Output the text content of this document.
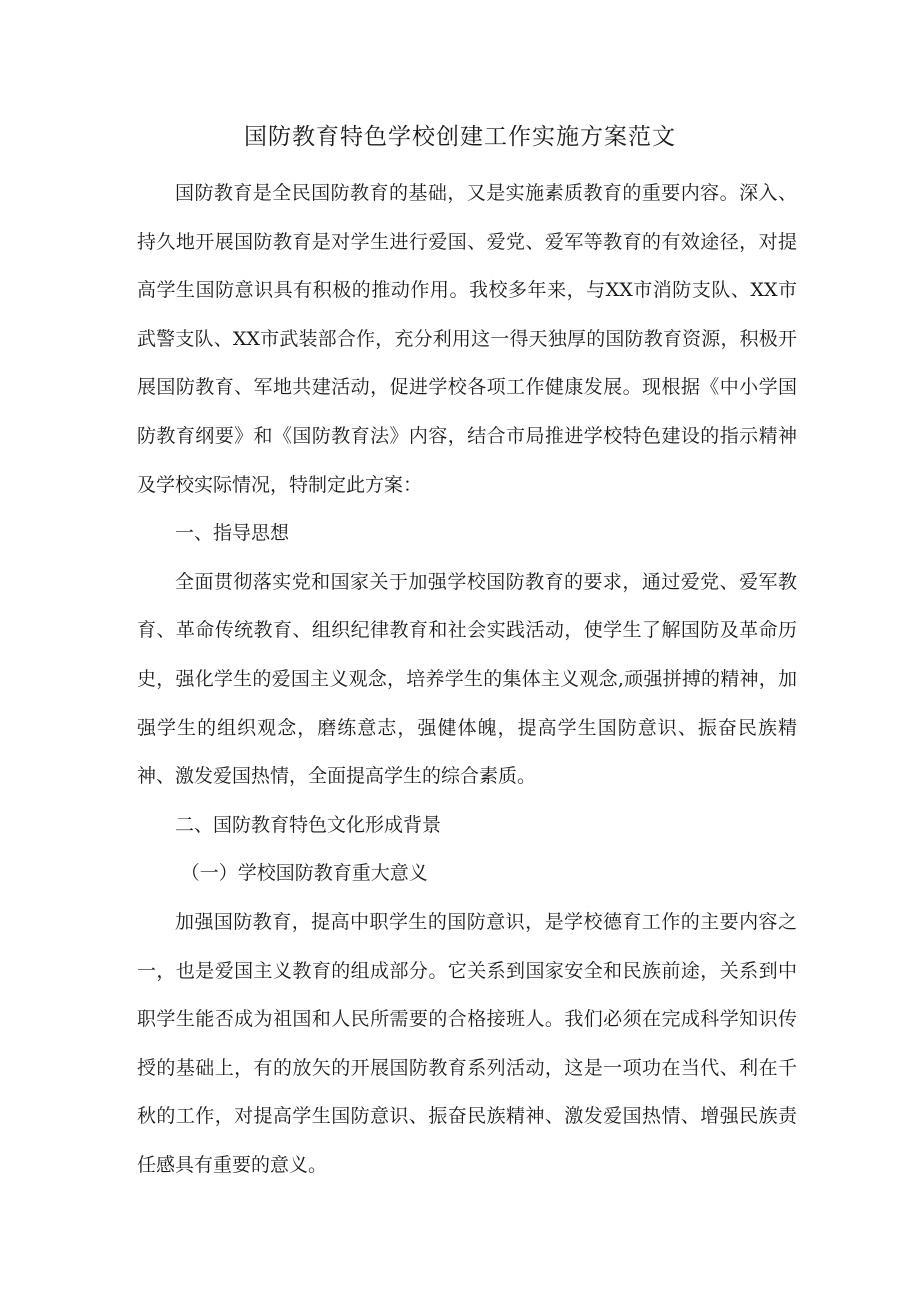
国防教育特色学校创建工作实施方案范文

国防教育是全民国防教育的基础，又是实施素质教育的重要内容。深入、持久地开展国防教育是对学生进行爱国、爱党、爱军等教育的有效途径，对提高学生国防意识具有积极的推动作用。我校多年来，与XX市消防支队、XX市武警支队、XX市武装部合作，充分利用这一得天独厚的国防教育资源，积极开展国防教育、军地共建活动，促进学校各项工作健康发展。现根据《中小学国防教育纲要》和《国防教育法》内容，结合市局推进学校特色建设的指示精神及学校实际情况，特制定此方案：

一、指导思想

全面贯彻落实党和国家关于加强学校国防教育的要求，通过爱党、爱军教育、革命传统教育、组织纪律教育和社会实践活动，使学生了解国防及革命历史，强化学生的爱国主义观念，培养学生的集体主义观念,顽强拼搏的精神，加强学生的组织观念，磨练意志，强健体魄，提高学生国防意识、振奋民族精神、激发爱国热情，全面提高学生的综合素质。

二、国防教育特色文化形成背景

（一）学校国防教育重大意义

加强国防教育，提高中职学生的国防意识，是学校德育工作的主要内容之一，也是爱国主义教育的组成部分。它关系到国家安全和民族前途，关系到中职学生能否成为祖国和人民所需要的合格接班人。我们必须在完成科学知识传授的基础上，有的放矢的开展国防教育系列活动，这是一项功在当代、利在千秋的工作，对提高学生国防意识、振奋民族精神、激发爱国热情、增强民族责任感具有重要的意义。
